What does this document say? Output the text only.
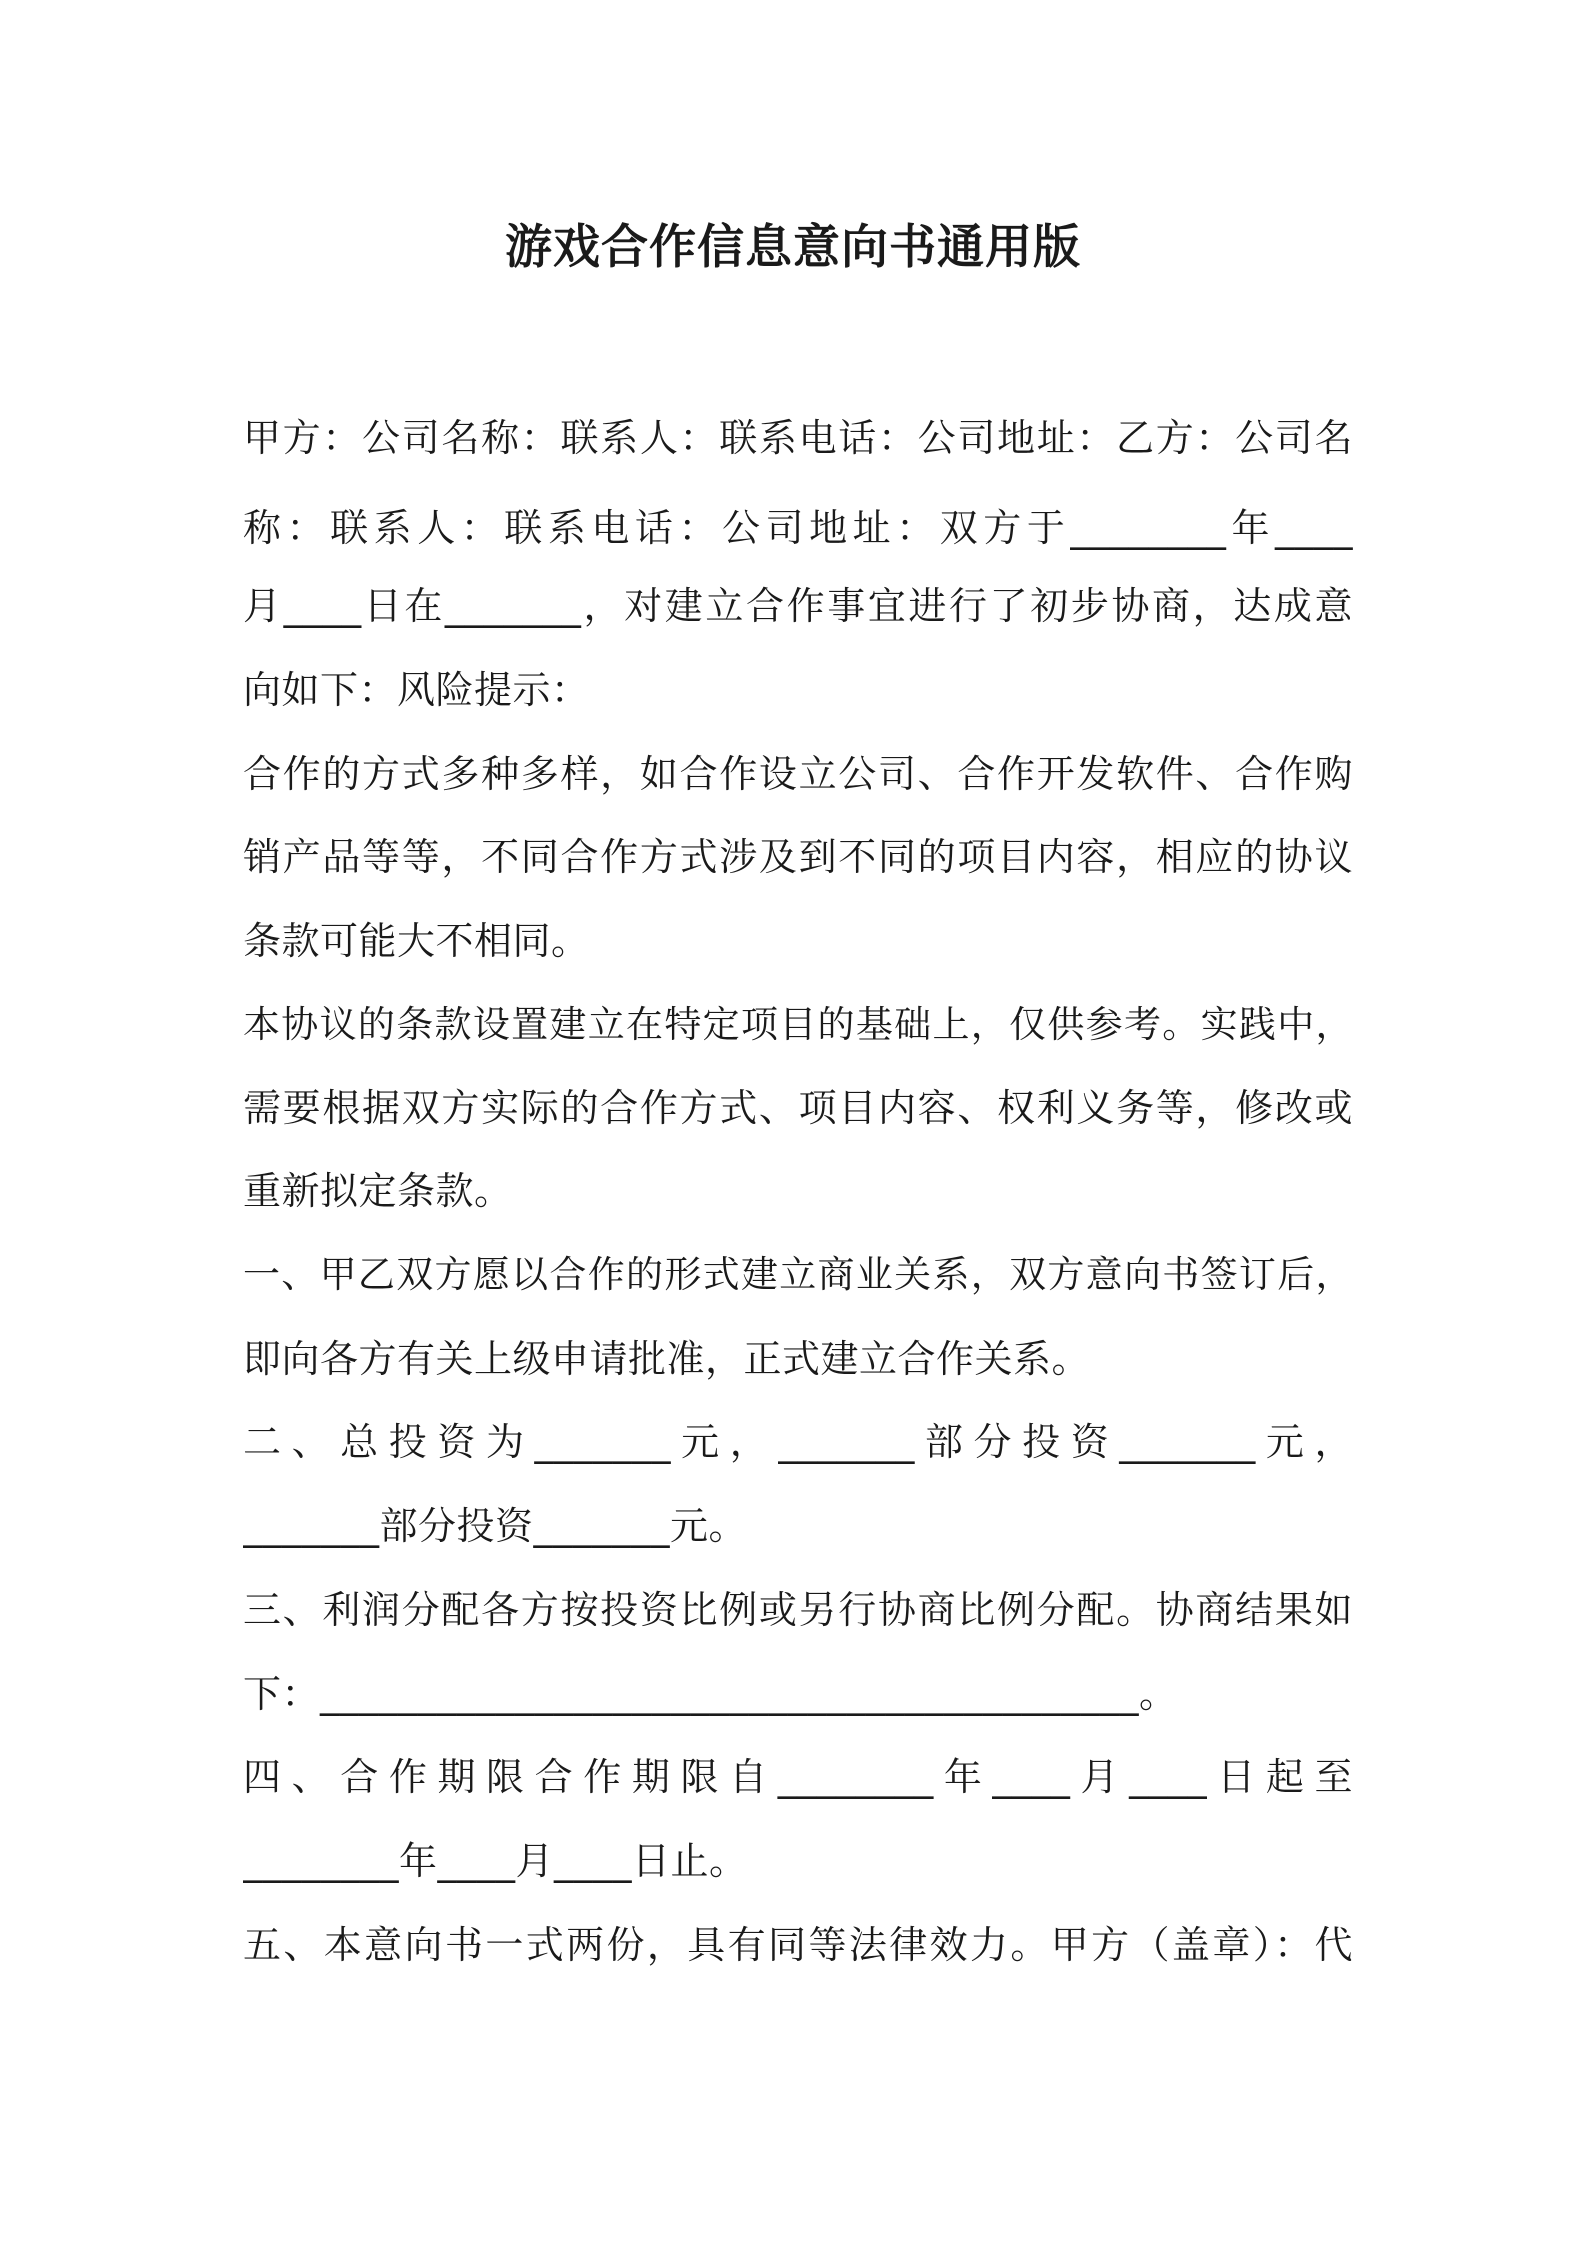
游戏合作信息意向书通用版
甲方：公司名称：联系人：联系电话：公司地址：乙方：公司名
称：联系人：联系电话：公司地址：双方于________年____
月____日在_______，对建立合作事宜进行了初步协商，达成意
向如下：风险提示：
合作的方式多种多样，如合作设立公司、合作开发软件、合作购
销产品等等，不同合作方式涉及到不同的项目内容，相应的协议
条款可能大不相同。
本协议的条款设置建立在特定项目的基础上，仅供参考。实践中，
需要根据双方实际的合作方式、项目内容、权利义务等，修改或
重新拟定条款。
一、甲乙双方愿以合作的形式建立商业关系，双方意向书签订后，
即向各方有关上级申请批准，正式建立合作关系。
二、总投资为_______元，_______部分投资_______元，
_______部分投资_______元。
三、利润分配各方按投资比例或另行协商比例分配。协商结果如
下：__________________________________________。
四、合作期限合作期限自________年____月____日起至
________年____月____日止。
五、本意向书一式两份，具有同等法律效力。甲方（盖章）：代
